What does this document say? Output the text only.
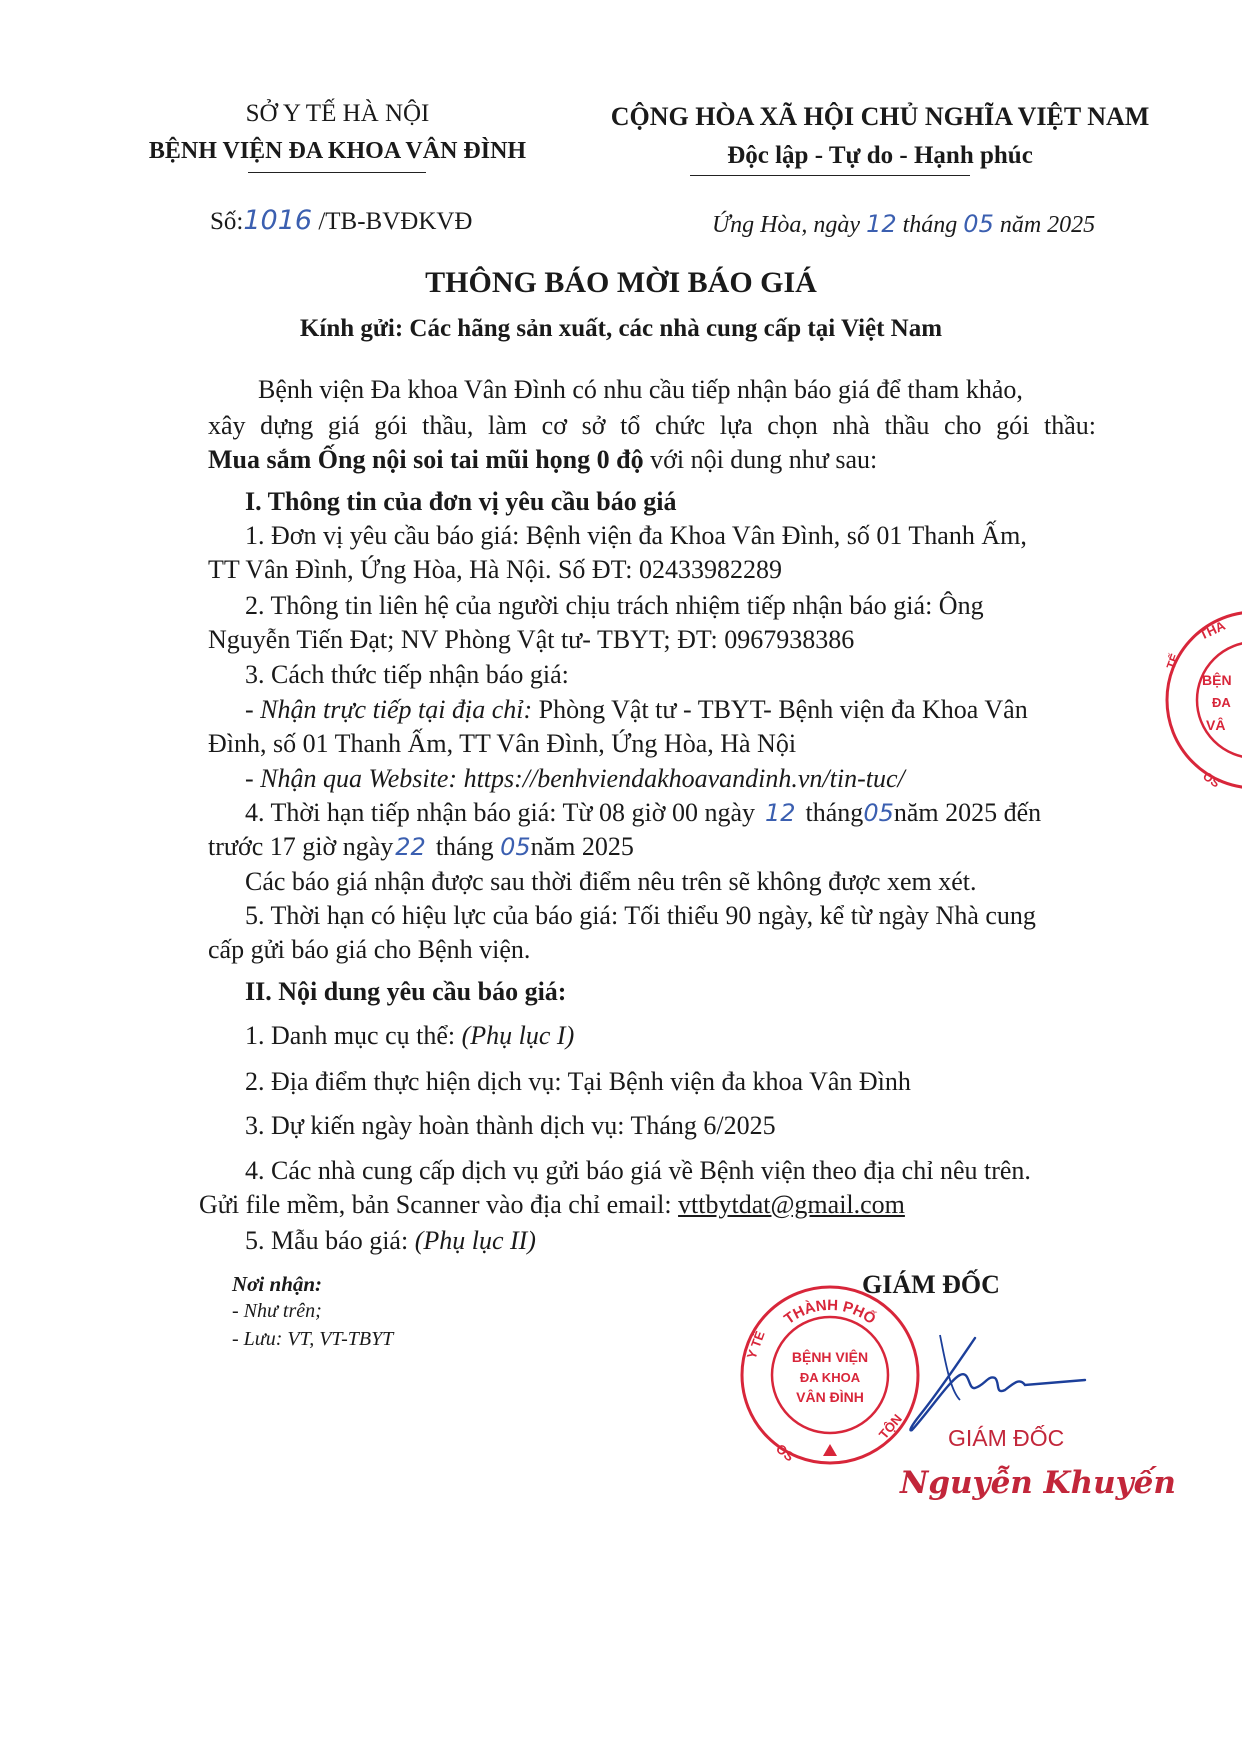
SỞ Y TẾ HÀ NỘI
BỆNH VIỆN ĐA KHOA VÂN ĐÌNH
CỘNG HÒA XÃ HỘI CHỦ NGHĨA VIỆT NAM
Độc lập - Tự do - Hạnh phúc
Số:1016 /TB-BVĐKVĐ	Ứng Hòa, ngày 12 tháng 05 năm 2025
THÔNG BÁO MỜI BÁO GIÁ
Kính gửi: Các hãng sản xuất, các nhà cung cấp tại Việt Nam
Bệnh viện Đa khoa Vân Đình có nhu cầu tiếp nhận báo giá để tham khảo,
xây dựng giá gói thầu, làm cơ sở tổ chức lựa chọn nhà thầu cho gói thầu:
Mua sắm Ống nội soi tai mũi họng 0 độ với nội dung như sau:
I. Thông tin của đơn vị yêu cầu báo giá
1. Đơn vị yêu cầu báo giá: Bệnh viện đa Khoa Vân Đình, số 01 Thanh Ấm,
TT Vân Đình, Ứng Hòa, Hà Nội. Số ĐT: 02433982289
2. Thông tin liên hệ của người chịu trách nhiệm tiếp nhận báo giá: Ông
Nguyễn Tiến Đạt; NV Phòng Vật tư- TBYT; ĐT: 0967938386
3. Cách thức tiếp nhận báo giá:
- Nhận trực tiếp tại địa chỉ: Phòng Vật tư - TBYT- Bệnh viện đa Khoa Vân
Đình, số 01 Thanh Ấm, TT Vân Đình, Ứng Hòa, Hà Nội
- Nhận qua Website: https://benhviendakhoavandinh.vn/tin-tuc/
4. Thời hạn tiếp nhận báo giá: Từ 08 giờ 00 ngày 12 tháng05năm 2025 đến
trước 17 giờ ngày22 tháng 05năm 2025
Các báo giá nhận được sau thời điểm nêu trên sẽ không được xem xét.
5. Thời hạn có hiệu lực của báo giá: Tối thiểu 90 ngày, kể từ ngày Nhà cung
cấp gửi báo giá cho Bệnh viện.
II. Nội dung yêu cầu báo giá:
1. Danh mục cụ thể: (Phụ lục I)
2. Địa điểm thực hiện dịch vụ: Tại Bệnh viện đa khoa Vân Đình
3. Dự kiến ngày hoàn thành dịch vụ: Tháng 6/2025
4. Các nhà cung cấp dịch vụ gửi báo giá về Bệnh viện theo địa chỉ nêu trên.
Gửi file mềm, bản Scanner vào địa chỉ email: vttbytdat@gmail.com
5. Mẫu báo giá: (Phụ lục II)
Nơi nhận:
- Như trên;
- Lưu: VT, VT-TBYT
GIÁM ĐỐC
THÀNH PHỐ
BỆNH VIỆN
ĐA KHOA
VÂN ĐÌNH
Y TẾ
OS
TỘN GIÁM ĐỐC
Nguyễn Khuyến
THÀ
BỆN
ĐA
VÂ
TẾ
OS
